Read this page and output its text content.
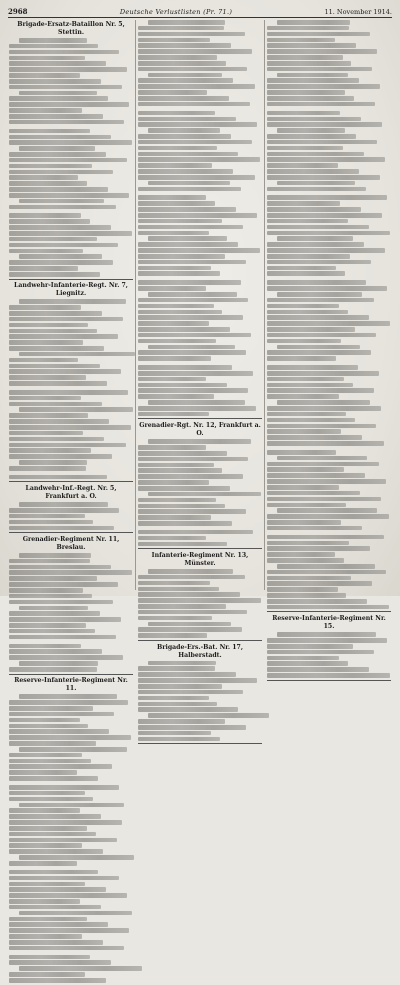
2968	Deutsche Verlustlisten (Pr. 71.)	11. November 1914.
Brigade-Ersatz-Bataillon Nr. 5, Stettin.
Landwehr-Infanterie-Regt. Nr. 7, Liegnitz.
Landwehr-Inf.-Regt. Nr. 5, Frankfurt a. O.
Grenadier-Regiment Nr. 11, Breslau.
Reserve-Infanterie-Regiment Nr. 11.
Grenadier-Rgt. Nr. 12, Frankfurt a. O.
Infanterie-Regiment Nr. 13, Münster.
Brigade-Ers.-Bat. Nr. 17, Halberstadt.
Reserve-Infanterie-Regiment Nr. 15.
